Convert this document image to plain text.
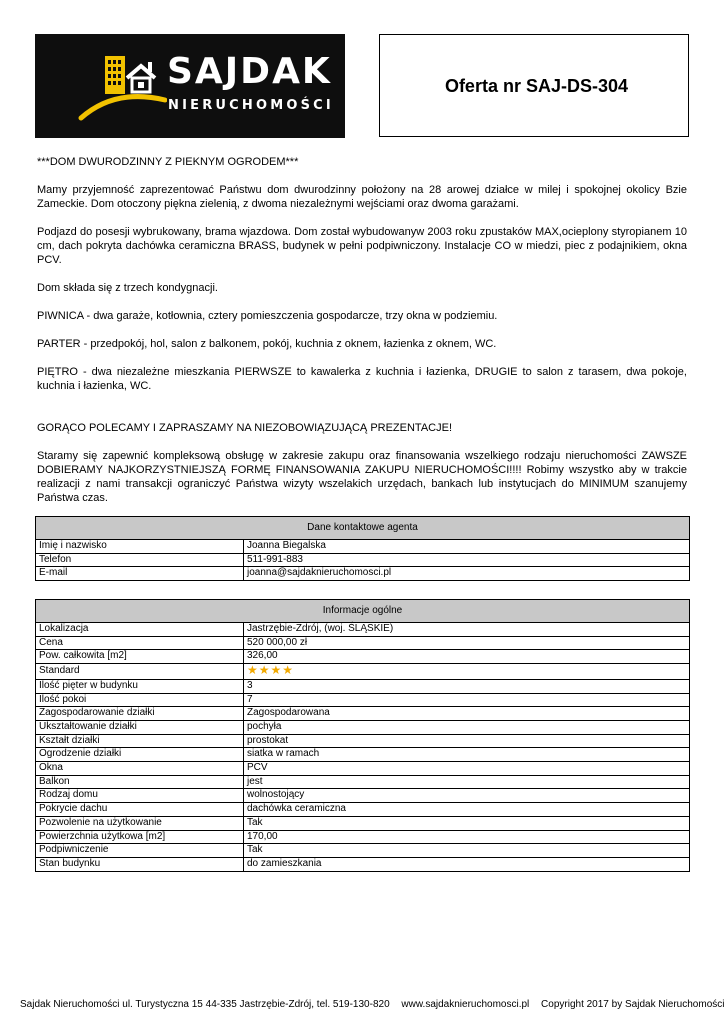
SAJDAK
NIERUCHOMOŚCI
Oferta nr SAJ-DS-304

***DOM DWURODZINNY Z PIEKNYM OGRODEM***

Mamy przyjemność zaprezentować Państwu dom dwurodzinny położony na 28 arowej działce w milej i spokojnej okolicy Bzie Zameckie. Dom otoczony piękna zielenią, z dwoma niezależnymi wejściami oraz dwoma garażami.

Podjazd do posesji wybrukowany, brama wjazdowa. Dom został wybudowanyw 2003 roku zpustaków MAX,ocieplony styropianem 10 cm, dach pokryta dachówka ceramiczna BRASS, budynek w pełni podpiwniczony. Instalacje CO w miedzi, piec z podajnikiem, okna PCV.

Dom składa się z trzech kondygnacji.

PIWNICA - dwa garaże, kotłownia, cztery pomieszczenia gospodarcze, trzy okna w podziemiu.

PARTER - przedpokój, hol, salon z balkonem, pokój, kuchnia z oknem, łazienka z oknem, WC.

PIĘTRO - dwa niezależne mieszkania PIERWSZE to kawalerka z kuchnia i łazienka, DRUGIE to salon z tarasem, dwa pokoje, kuchnia i łazienka, WC.

GORĄCO POLECAMY I ZAPRASZAMY NA NIEZOBOWIĄZUJĄCĄ PREZENTACJE!

Staramy się zapewnić kompleksową obsługę w zakresie zakupu oraz finansowania wszelkiego rodzaju nieruchomości ZAWSZE DOBIERAMY NAJKORZYSTNIEJSZĄ FORMĘ FINANSOWANIA ZAKUPU NIERUCHOMOŚCI!!!! Robimy wszystko aby w trakcie realizacji z nami transakcji ograniczyć Państwa wizyty wszelakich urzędach, bankach lub instytucjach do MINIMUM szanujemy Państwa czas.

Dane kontaktowe agenta	
Imię i nazwisko	Joanna Biegalska
Telefon	511-991-883
E-mail	joanna@sajdaknieruchomosci.pl
Informacje ogólne	
Lokalizacja	Jastrzębie-Zdrój, (woj. ŚLĄSKIE)
Cena	520 000,00 zł
Pow. całkowita [m2]	326,00
Standard	★★★★
Ilość pięter w budynku	3
Ilość pokoi	7
Zagospodarowanie działki	Zagospodarowana
Ukształtowanie działki	pochyła
Kształt działki	prostokat
Ogrodzenie działki	siatka w ramach
Okna	PCV
Balkon	jest
Rodzaj domu	wolnostojący
Pokrycie dachu	dachówka ceramiczna
Pozwolenie na użytkowanie	Tak
Powierzchnia użytkowa [m2]	170,00
Podpiwniczenie	Tak
Stan budynku	do zamieszkania
Sajdak Nieruchomości ul. Turystyczna 15 44-335 Jastrzębie-Zdrój, tel. 519-130-820 www.sajdaknieruchomosci.pl Copyright 2017 by Sajdak Nieruchomości
